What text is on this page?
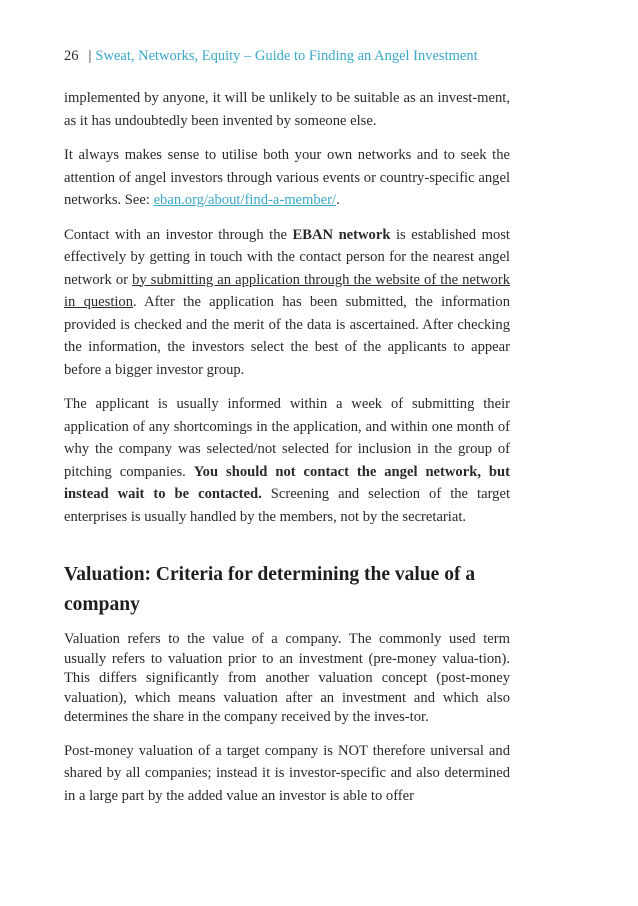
26 | Sweat, Networks, Equity – Guide to Finding an Angel Investment

implemented by anyone, it will be unlikely to be suitable as an invest-ment, as it has undoubtedly been invented by someone else.

It always makes sense to utilise both your own networks and to seek the attention of angel investors through various events or country-specific angel networks. See: eban.org/about/find-a-member/.

Contact with an investor through the EBAN network is established most effectively by getting in touch with the contact person for the nearest angel network or by submitting an application through the website of the network in question. After the application has been submitted, the information provided is checked and the merit of the data is ascertained. After checking the information, the investors select the best of the applicants to appear before a bigger investor group.

The applicant is usually informed within a week of submitting their application of any shortcomings in the application, and within one month of why the company was selected/not selected for inclusion in the group of pitching companies. You should not contact the angel network, but instead wait to be contacted. Screening and selection of the target enterprises is usually handled by the members, not by the secretariat.

Valuation: Criteria for determining the value of a company

Valuation refers to the value of a company. The commonly used term usually refers to valuation prior to an investment (pre-money valua-tion). This differs significantly from another valuation concept (post-money valuation), which means valuation after an investment and which also determines the share in the company received by the inves-tor.

Post-money valuation of a target company is NOT therefore universal and shared by all companies; instead it is investor-specific and also determined in a large part by the added value an investor is able to offer
